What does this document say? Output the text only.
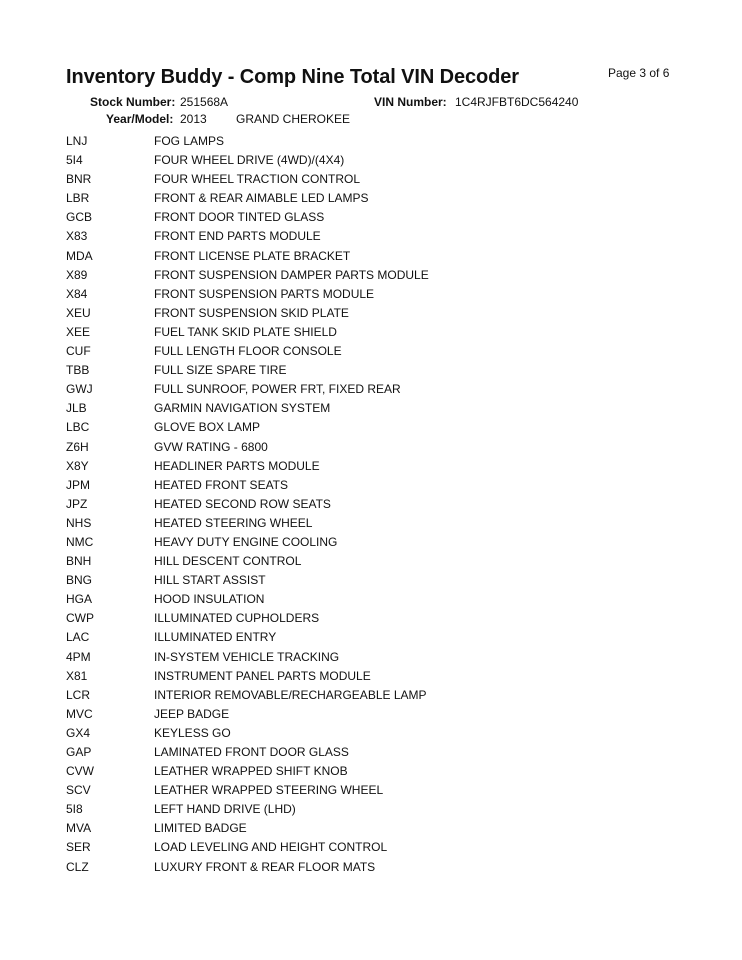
Page 3 of 6
Inventory Buddy - Comp Nine Total VIN Decoder
Stock Number: 251568A	VIN Number: 1C4RJFBT6DC564240
Year/Model: 2013 GRAND CHEROKEE
LNJ	FOG LAMPS
5I4	FOUR WHEEL DRIVE (4WD)/(4X4)
BNR	FOUR WHEEL TRACTION CONTROL
LBR	FRONT & REAR AIMABLE LED LAMPS
GCB	FRONT DOOR TINTED GLASS
X83	FRONT END PARTS MODULE
MDA	FRONT LICENSE PLATE BRACKET
X89	FRONT SUSPENSION DAMPER PARTS MODULE
X84	FRONT SUSPENSION PARTS MODULE
XEU	FRONT SUSPENSION SKID PLATE
XEE	FUEL TANK SKID PLATE SHIELD
CUF	FULL LENGTH FLOOR CONSOLE
TBB	FULL SIZE SPARE TIRE
GWJ	FULL SUNROOF, POWER FRT, FIXED REAR
JLB	GARMIN NAVIGATION SYSTEM
LBC	GLOVE BOX LAMP
Z6H	GVW RATING - 6800
X8Y	HEADLINER PARTS MODULE
JPM	HEATED FRONT SEATS
JPZ	HEATED SECOND ROW SEATS
NHS	HEATED STEERING WHEEL
NMC	HEAVY DUTY ENGINE COOLING
BNH	HILL DESCENT CONTROL
BNG	HILL START ASSIST
HGA	HOOD INSULATION
CWP	ILLUMINATED CUPHOLDERS
LAC	ILLUMINATED ENTRY
4PM	IN-SYSTEM VEHICLE TRACKING
X81	INSTRUMENT PANEL PARTS MODULE
LCR	INTERIOR REMOVABLE/RECHARGEABLE LAMP
MVC	JEEP BADGE
GX4	KEYLESS GO
GAP	LAMINATED FRONT DOOR GLASS
CVW	LEATHER WRAPPED SHIFT KNOB
SCV	LEATHER WRAPPED STEERING WHEEL
5I8	LEFT HAND DRIVE (LHD)
MVA	LIMITED BADGE
SER	LOAD LEVELING AND HEIGHT CONTROL
CLZ	LUXURY FRONT & REAR FLOOR MATS
